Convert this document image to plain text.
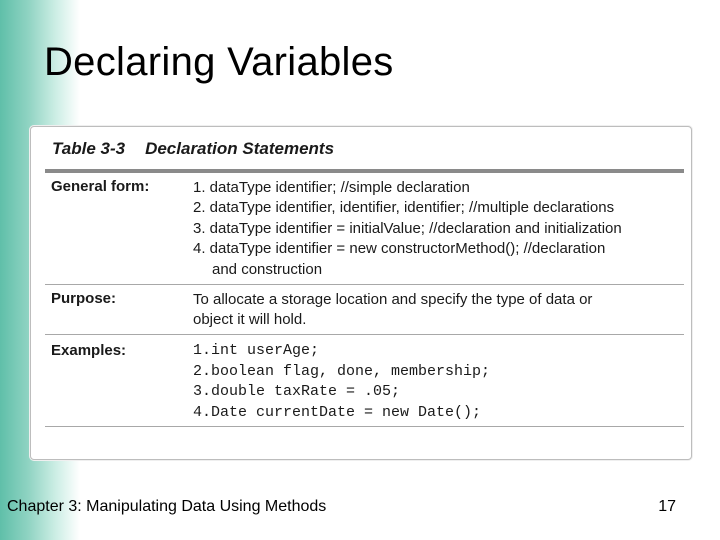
Declaring Variables
Table 3-3 Declaration Statements
General form:	1. dataType identifier; //simple declaration
2. dataType identifier, identifier, identifier; //multiple declarations
3. dataType identifier = initialValue; //declaration and initialization
4. dataType identifier = new constructorMethod(); //declaration
and construction
Purpose:	To allocate a storage location and specify the type of data or
object it will hold.
Examples:	1.int userAge;
2.boolean flag, done, membership;
3.double taxRate = .05;
4.Date currentDate = new Date();
Chapter 3: Manipulating Data Using Methods	17
